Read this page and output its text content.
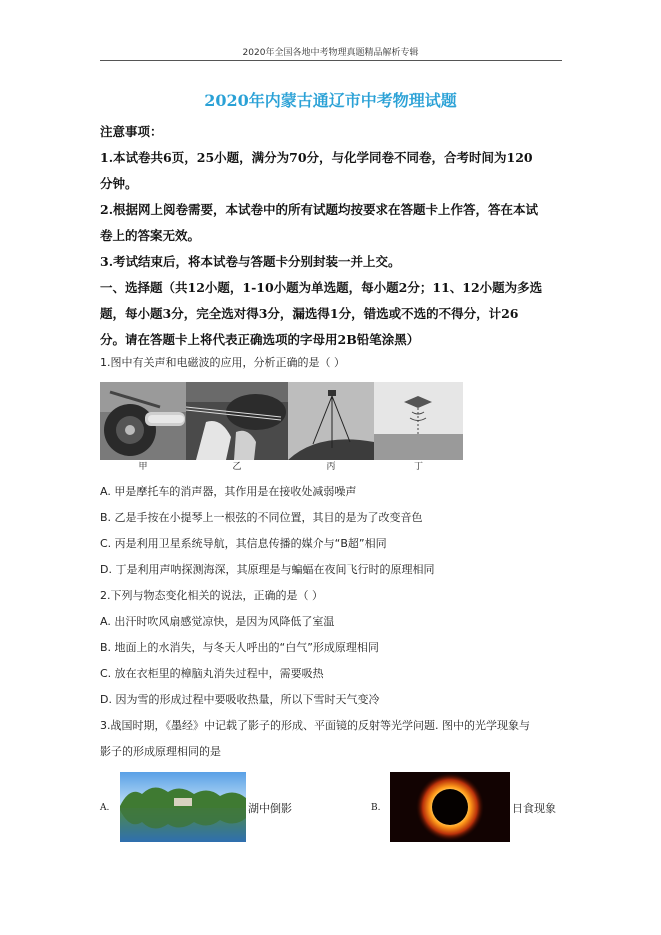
2020年全国各地中考物理真题精品解析专辑
2020年内蒙古通辽市中考物理试题
注意事项：
1.本试卷共6页，25小题，满分为70分，与化学同卷不同卷，合考时间为120
分钟。
2.根据网上阅卷需要，本试卷中的所有试题均按要求在答题卡上作答，答在本试
卷上的答案无效。
3.考试结束后，将本试卷与答题卡分别封装一并上交。
一、选择题（共12小题，1-10小题为单选题，每小题2分；11、12小题为多选
题，每小题3分，完全选对得3分，漏选得1分，错选或不选的不得分，计26
分。请在答题卡上将代表正确选项的字母用2B铅笔涂黑）
1.图中有关声和电磁波的应用，分析正确的是（ ）
甲	乙	丙	丁
A. 甲是摩托车的消声器，其作用是在接收处减弱噪声
B. 乙是手按在小提琴上一根弦的不同位置，其目的是为了改变音色
C. 丙是利用卫星系统导航，其信息传播的媒介与“B超”相同
D. 丁是利用声呐探测海深，其原理是与蝙蝠在夜间飞行时的原理相同
2.下列与物态变化相关的说法，正确的是（ ）
A. 出汗时吹风扇感觉凉快，是因为风降低了室温
B. 地面上的水消失，与冬天人呼出的“白气”形成原理相同
C. 放在衣柜里的樟脑丸消失过程中，需要吸热
D. 因为雪的形成过程中要吸收热量，所以下雪时天气变冷
3.战国时期，《墨经》中记载了影子的形成、平面镜的反射等光学问题. 图中的光学现象与
影子的形成原理相同的是
A.	湖中倒影	B.	日食现象
